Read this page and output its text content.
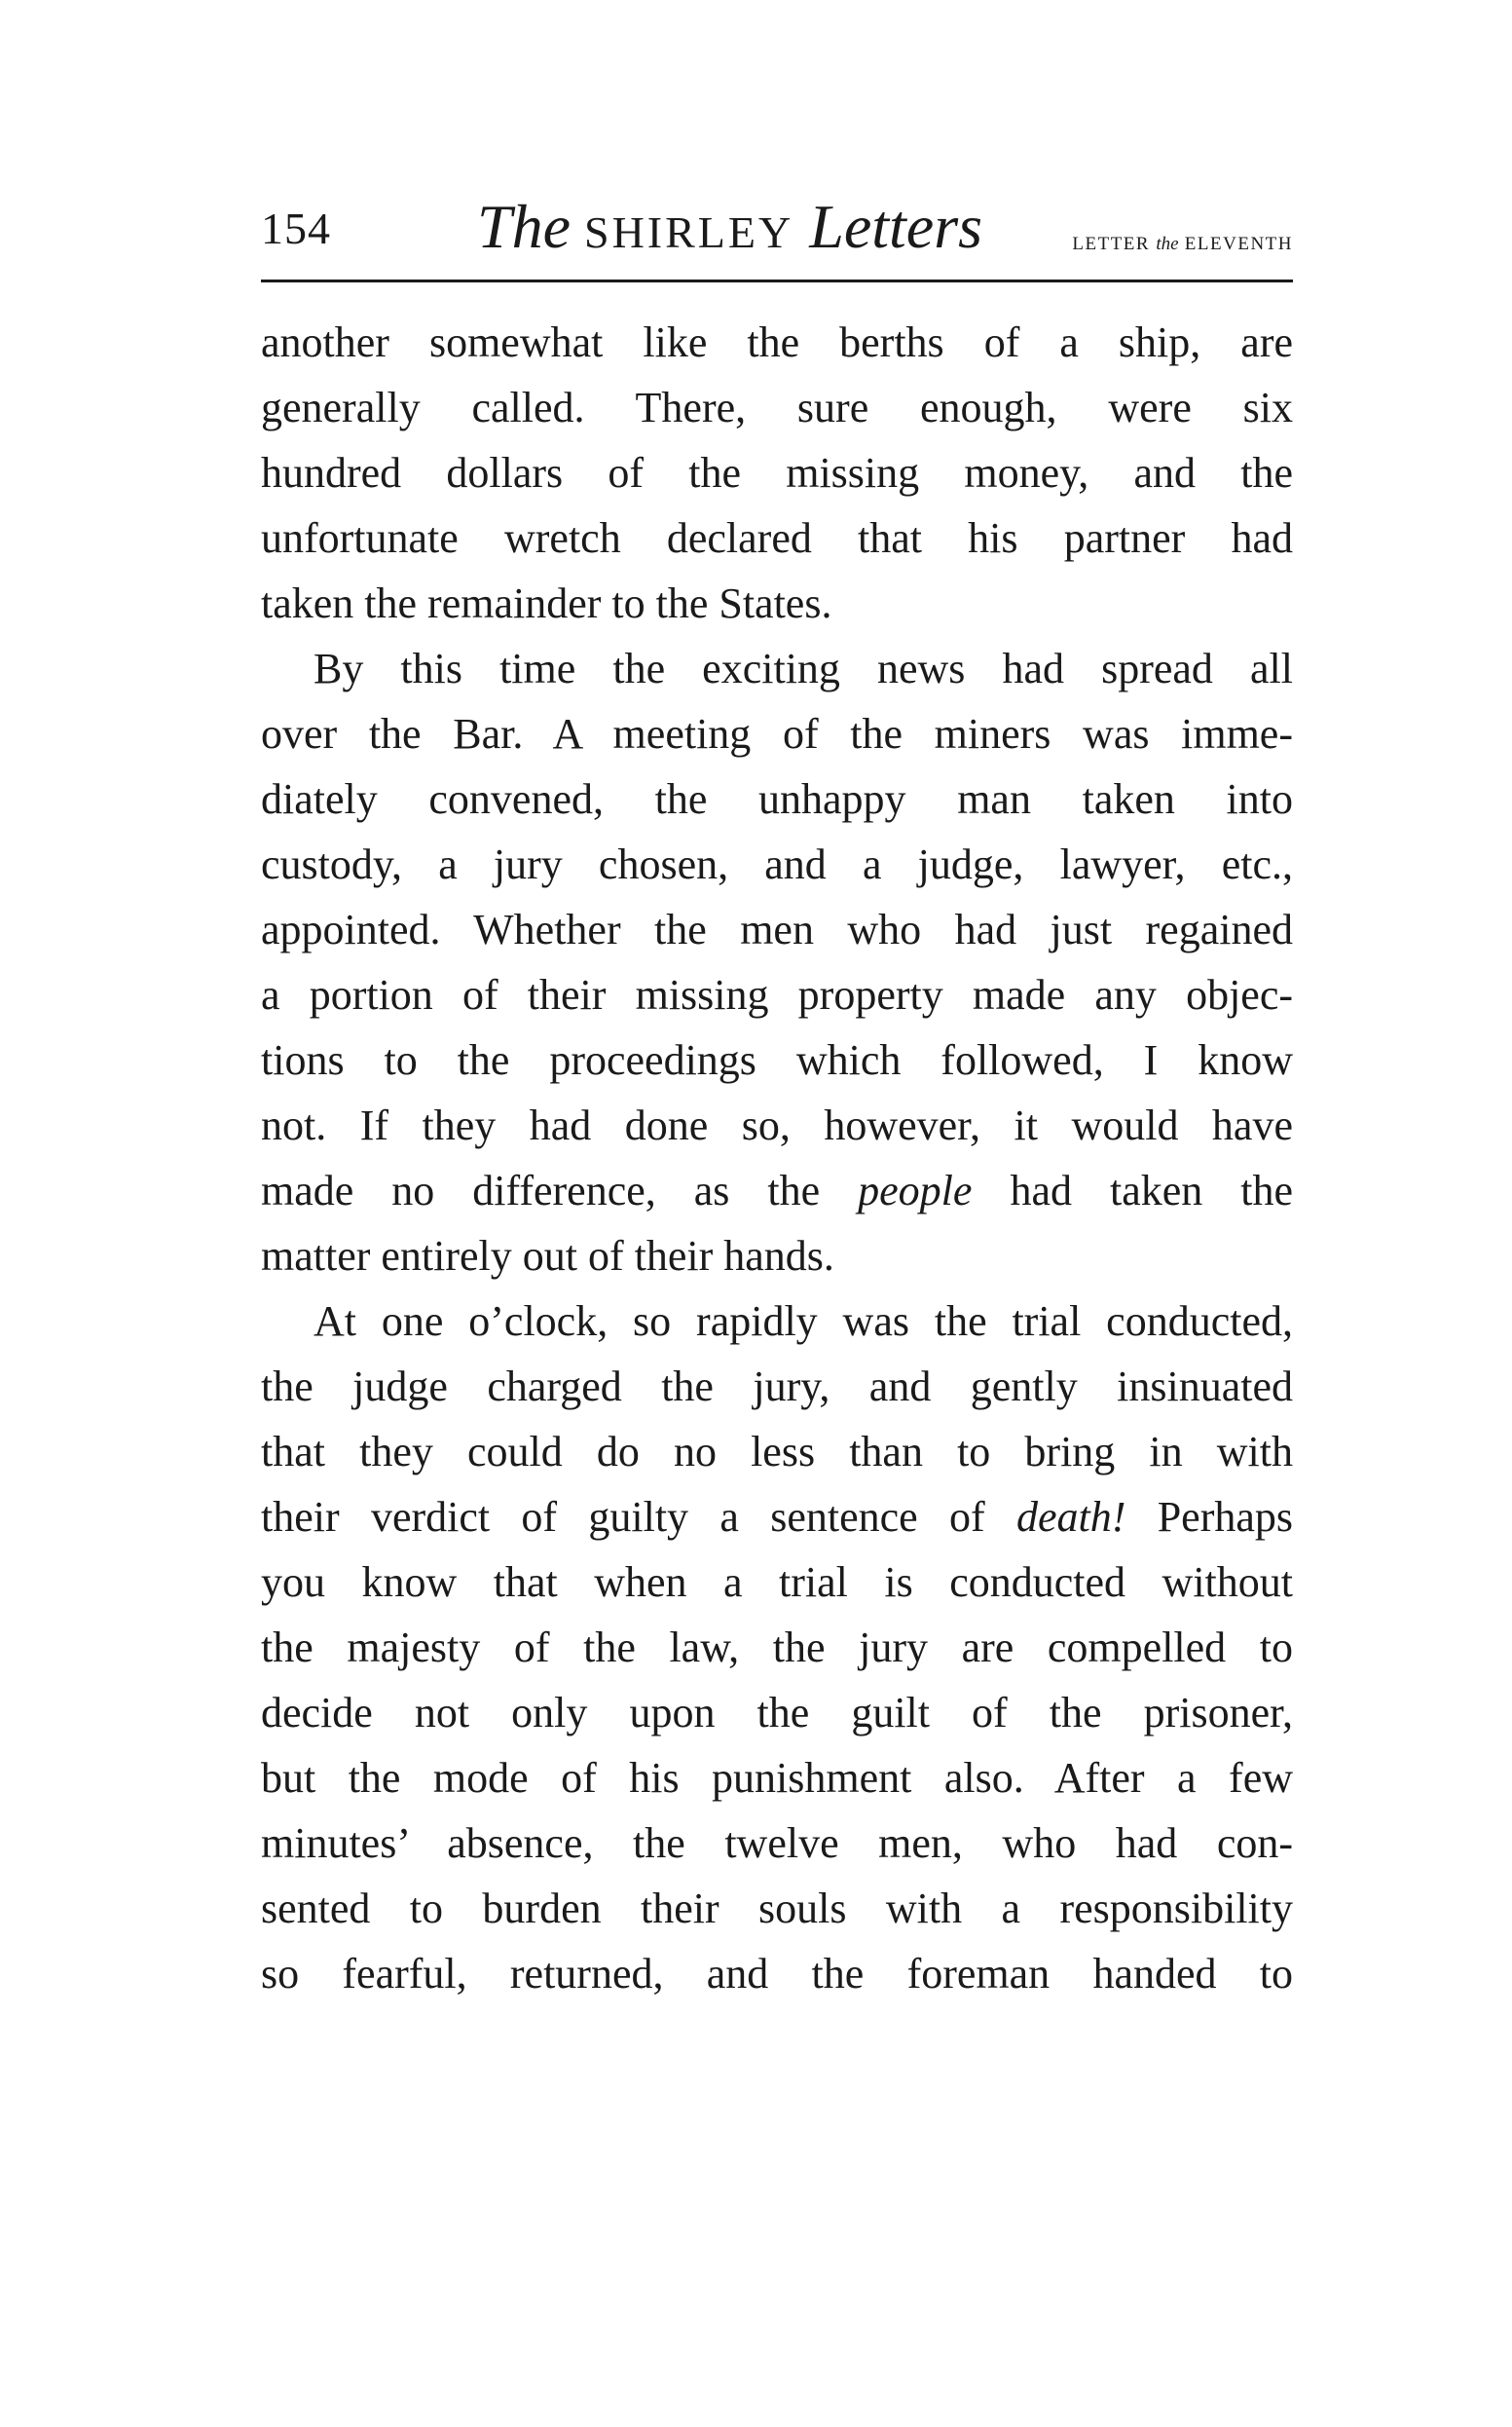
154 The SHIRLEY Letters	LETTER the ELEVENTH
another somewhat like the berths of a ship, are
generally called. There, sure enough, were six
hundred dollars of the missing money, and the
unfortunate wretch declared that his partner had
taken the remainder to the States.
By this time the exciting news had spread all
over the Bar. A meeting of the miners was imme-
diately convened, the unhappy man taken into
custody, a jury chosen, and a judge, lawyer, etc.,
appointed. Whether the men who had just regained
a portion of their missing property made any objec-
tions to the proceedings which followed, I know
not. If they had done so, however, it would have
made no difference, as the people had taken the
matter entirely out of their hands.
At one o’clock, so rapidly was the trial conducted,
the judge charged the jury, and gently insinuated
that they could do no less than to bring in with
their verdict of guilty a sentence of death! Perhaps
you know that when a trial is conducted without
the majesty of the law, the jury are compelled to
decide not only upon the guilt of the prisoner,
but the mode of his punishment also. After a few
minutes’ absence, the twelve men, who had con-
sented to burden their souls with a responsibility
so fearful, returned, and the foreman handed to
